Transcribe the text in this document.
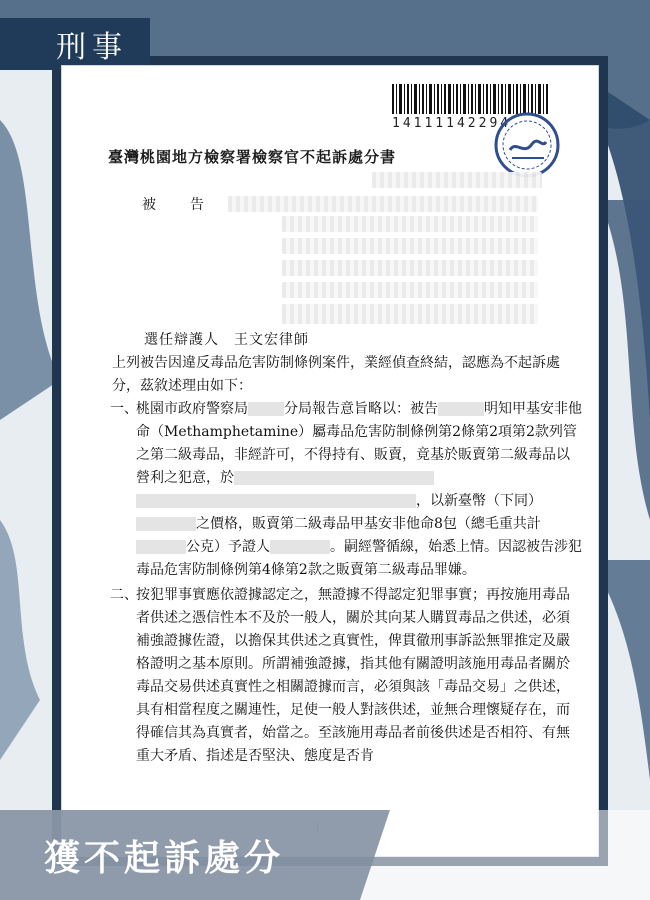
刑事
14111142294
臺灣桃園地方檢察署檢察官不起訴處分書
被　　告
選任辯護人　王文宏律師

上列被告因違反毒品危害防制條例案件，業經偵查終結，認應為不起訴處分，茲敘述理由如下：

一、

桃園市政府警察局	分局報告意旨略以：被告	明知甲基安非他命（Methamphetamine）屬毒品危害防制條例第2條第2項第2款列管之第二級毒品，非經許可，不得持有、販賣，竟基於販賣第二級毒品以營利之犯意，於，以新臺幣（下同）之價格，販賣第二級毒品甲基安非他命8包（總毛重共計公克）予證人	。嗣經警循線，始悉上情。因認被告涉犯毒品危害防制條例第4條第2款之販賣第二級毒品罪嫌。

二、

按犯罪事實應依證據認定之，無證據不得認定犯罪事實；再按施用毒品者供述之憑信性本不及於一般人，關於其向某人購買毒品之供述，必須補強證據佐證，以擔保其供述之真實性，俾貫徹刑事訴訟無罪推定及嚴格證明之基本原則。所謂補強證據，指其他有關證明該施用毒品者關於毒品交易供述真實性之相關證據而言，必須與該「毒品交易」之供述，具有相當程度之關連性，足使一般人對該供述，並無合理懷疑存在，而得確信其為真實者，始當之。至該施用毒品者前後供述是否相符、有無重大矛盾、指述是否堅決、態度是否肯

獲不起訴處分
